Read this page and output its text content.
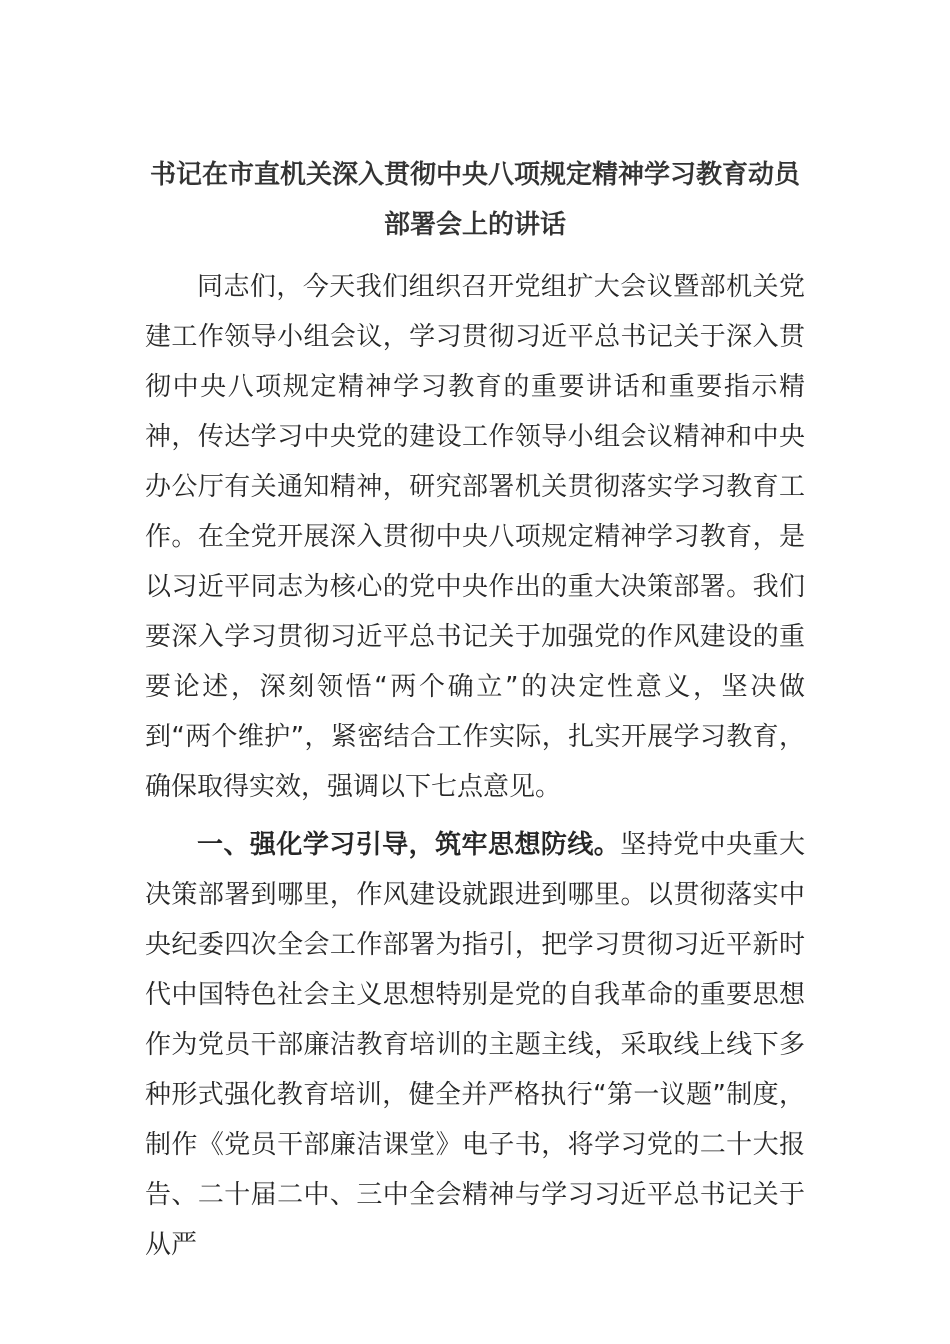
书记在市直机关深入贯彻中央八项规定精神学习教育动员部署会上的讲话

同志们，今天我们组织召开党组扩大会议暨部机关党建工作领导小组会议，学习贯彻习近平总书记关于深入贯彻中央八项规定精神学习教育的重要讲话和重要指示精神，传达学习中央党的建设工作领导小组会议精神和中央办公厅有关通知精神，研究部署机关贯彻落实学习教育工作。在全党开展深入贯彻中央八项规定精神学习教育，是以习近平同志为核心的党中央作出的重大决策部署。我们要深入学习贯彻习近平总书记关于加强党的作风建设的重要论述，深刻领悟“两个确立”的决定性意义，坚决做到“两个维护”，紧密结合工作实际，扎实开展学习教育，确保取得实效，强调以下七点意见。

一、强化学习引导，筑牢思想防线。坚持党中央重大决策部署到哪里，作风建设就跟进到哪里。以贯彻落实中央纪委四次全会工作部署为指引，把学习贯彻习近平新时代中国特色社会主义思想特别是党的自我革命的重要思想作为党员干部廉洁教育培训的主题主线，采取线上线下多种形式强化教育培训，健全并严格执行“第一议题”制度，制作《党员干部廉洁课堂》电子书，将学习党的二十大报告、二十届二中、三中全会精神与学习习近平总书记关于从严
